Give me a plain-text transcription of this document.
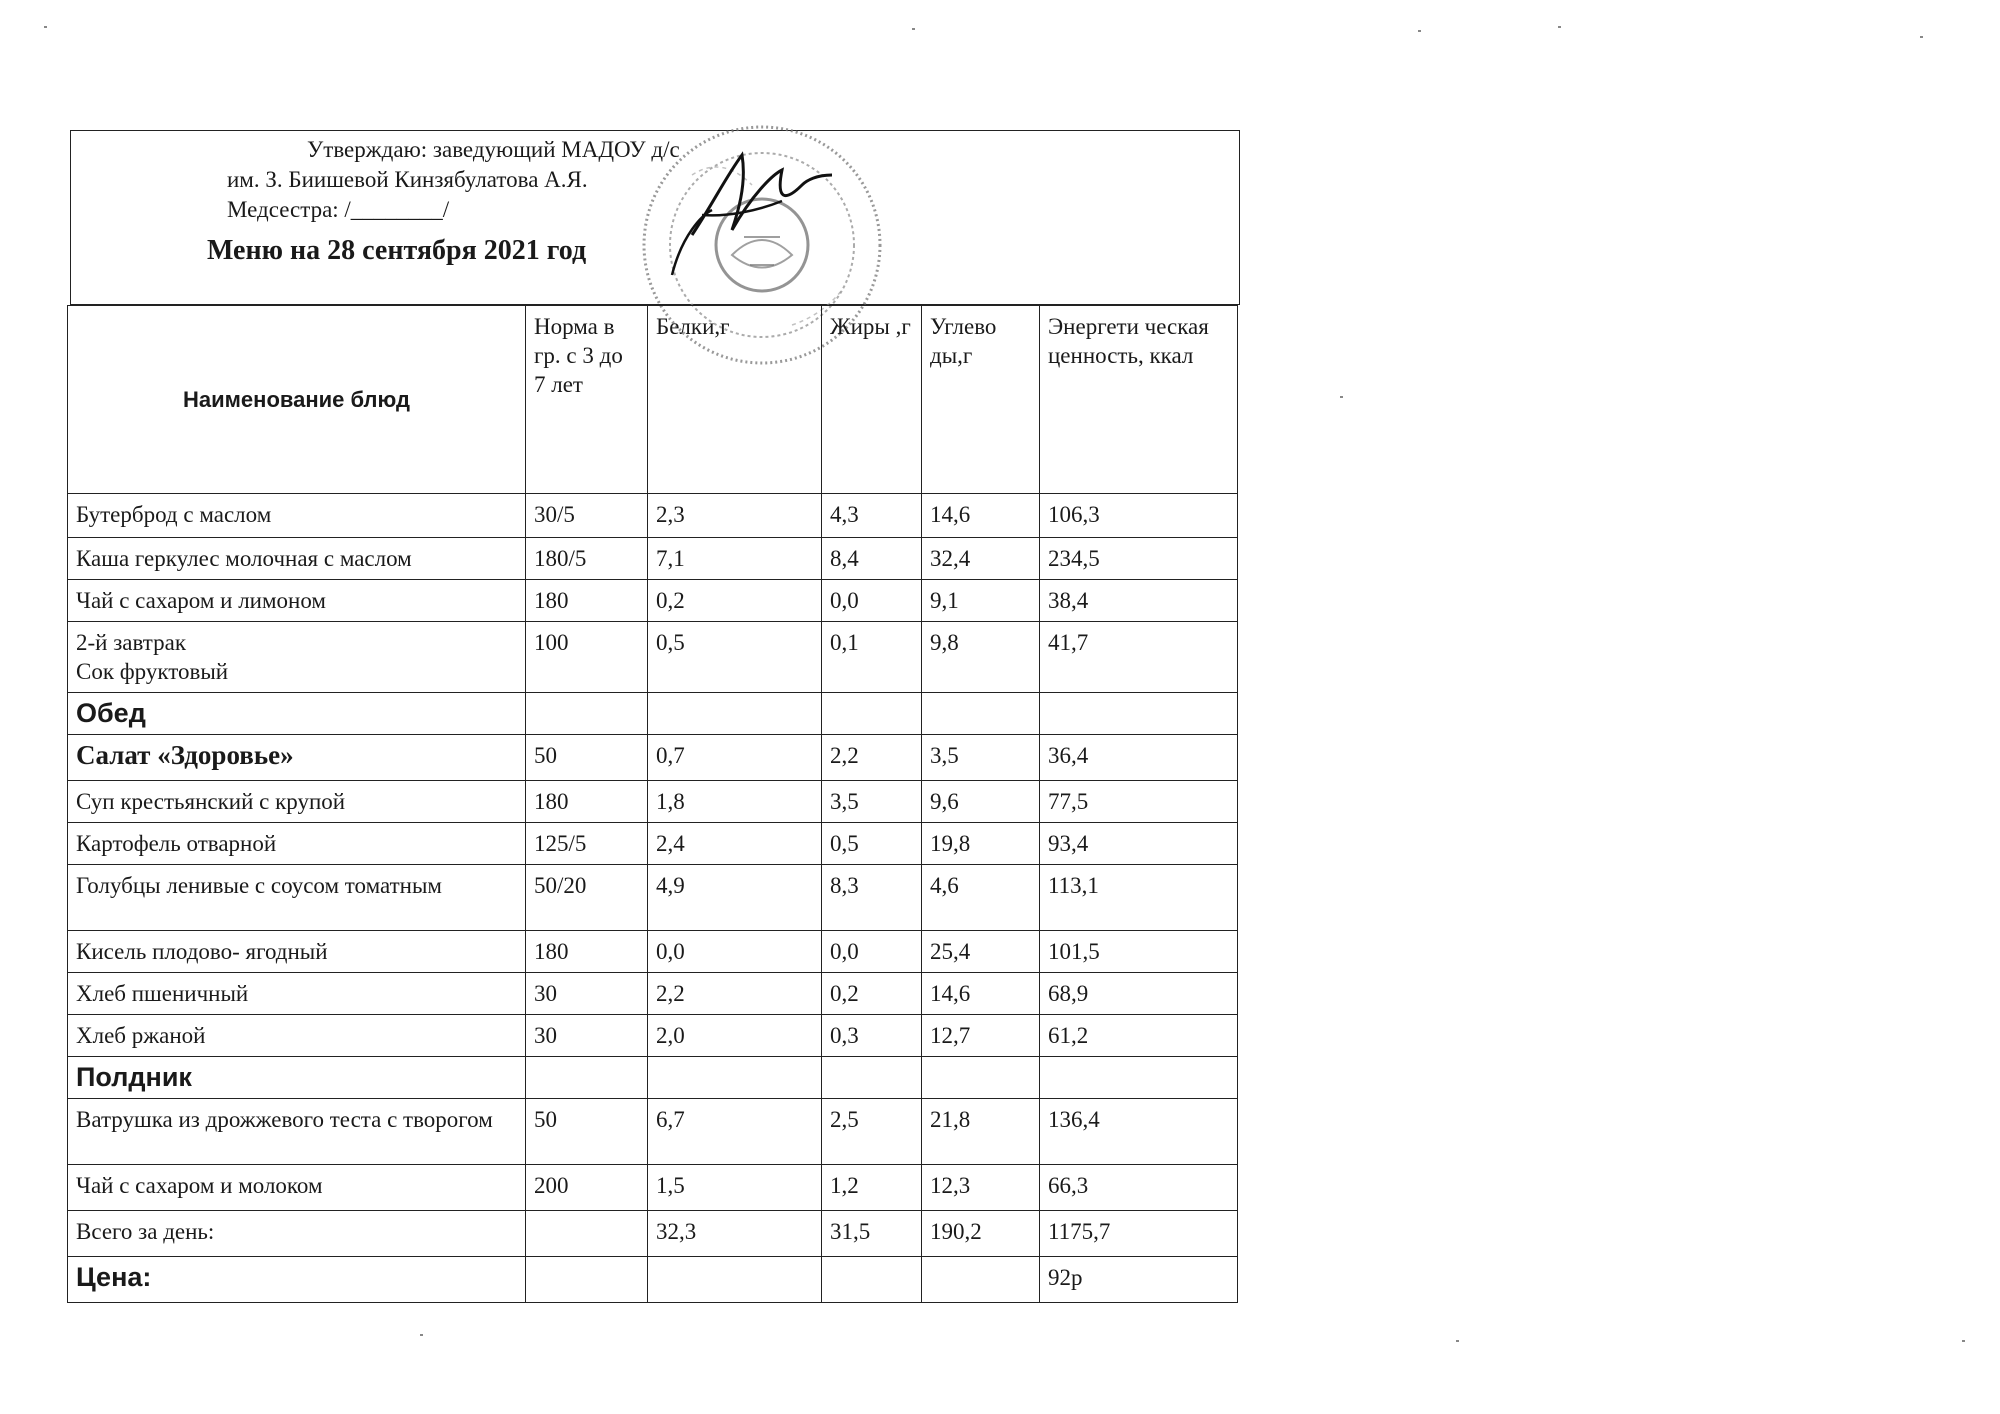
Утверждаю: заведующий МАДОУ д/с
им. З. Биишевой Кинзябулатова А.Я.
Медсестра: /________/
Меню на 28 сентября 2021 год
Наименование блюд	Норма в гр. с 3 до 7 лет	Белки,г	Жиры ,г	Углево ды,г	Энергети ческая ценность, ккал
Бутерброд с маслом	30/5	2,3	4,3	14,6	106,3
Каша геркулес молочная с маслом	180/5	7,1	8,4	32,4	234,5
Чай с сахаром и лимоном	180	0,2	0,0	9,1	38,4
2-й завтрак
Сок фруктовый	100	0,5	0,1	9,8	41,7
Обед					
Салат «Здоровье»	50	0,7	2,2	3,5	36,4
Суп крестьянский с крупой	180	1,8	3,5	9,6	77,5
Картофель отварной	125/5	2,4	0,5	19,8	93,4
Голубцы ленивые с соусом томатным	50/20	4,9	8,3	4,6	113,1
Кисель плодово- ягодный	180	0,0	0,0	25,4	101,5
Хлеб пшеничный	30	2,2	0,2	14,6	68,9
Хлеб ржаной	30	2,0	0,3	12,7	61,2
Полдник					
Ватрушка из дрожжевого теста с творогом	50	6,7	2,5	21,8	136,4
Чай с сахаром и молоком	200	1,5	1,2	12,3	66,3
Всего за день:		32,3	31,5	190,2	1175,7
Цена:					92р
